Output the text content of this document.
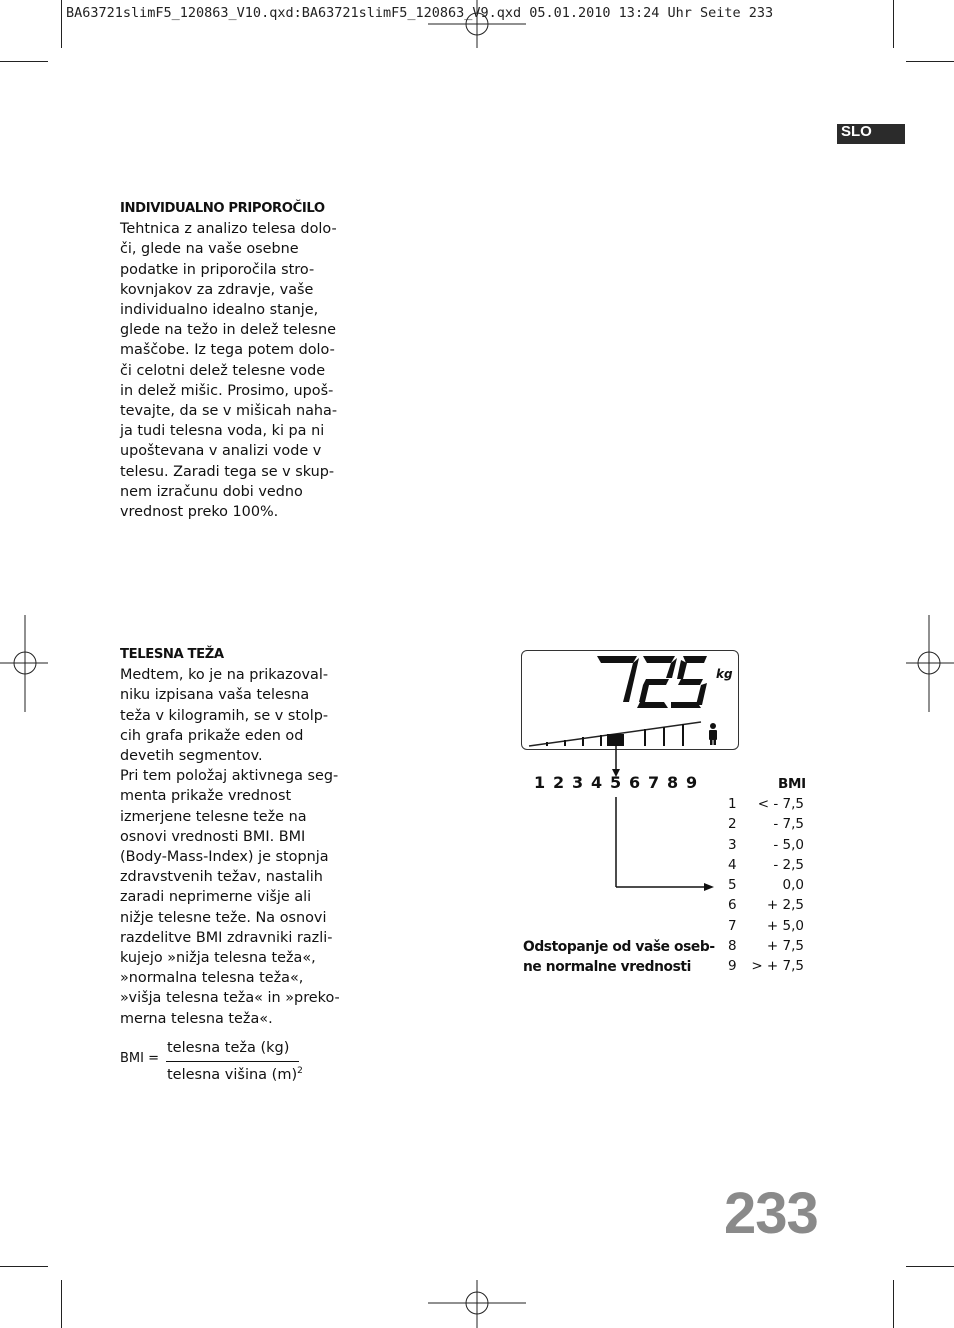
BA63721slimF5_120863_V10.qxd:BA63721slimF5_120863_V9.qxd 05.01.2010 13:24 Uhr Seite 233
SLO

INDIVIDUALNO PRIPOROČILO

Tehtnica z analizo telesa dolo-
či, glede na vaše osebne
podatke in priporočila stro-
kovnjakov za zdravje, vaše
individualno idealno stanje,
glede na težo in delež telesne
maščobe. Iz tega potem dolo-
či celotni delež telesne vode
in delež mišic. Prosimo, upoš-
tevajte, da se v mišicah naha-
ja tudi telesna voda, ki pa ni
upoštevana v analizi vode v
telesu. Zaradi tega se v skup-
nem izračunu dobi vedno
vrednost preko 100%.

TELESNA TEŽA

Medtem, ko je na prikazoval-
niku izpisana vaša telesna
teža v kilogramih, se v stolp-
cih grafa prikaže eden od
devetih segmentov.
Pri tem položaj aktivnega seg-
menta prikaže vrednost
izmerjene telesne teže na
osnovi vrednosti BMI. BMI
(Body-Mass-Index) je stopnja
zdravstvenih težav, nastalih
zaradi neprimerne višje ali
nižje telesne teže. Na osnovi
razdelitve BMI zdravniki razli-
kujejo »nižja telesna teža«,
»normalna telesna teža«,
»višja telesna teža« in »preko-
merna telesna teža«.
BMI =
telesna teža (kg)
telesna višina $(m)^2$
kg
1 2 3 4 5 6 7 8 9	BMI
1	< - 7,5
2	- 7,5
3	- 5,0
4	- 2,5
5	0,0
6	+ 2,5
7	+ 5,0
8	+ 7,5
9	> + 7,5
Odstopanje od vaše oseb-
ne normalne vrednosti
233
